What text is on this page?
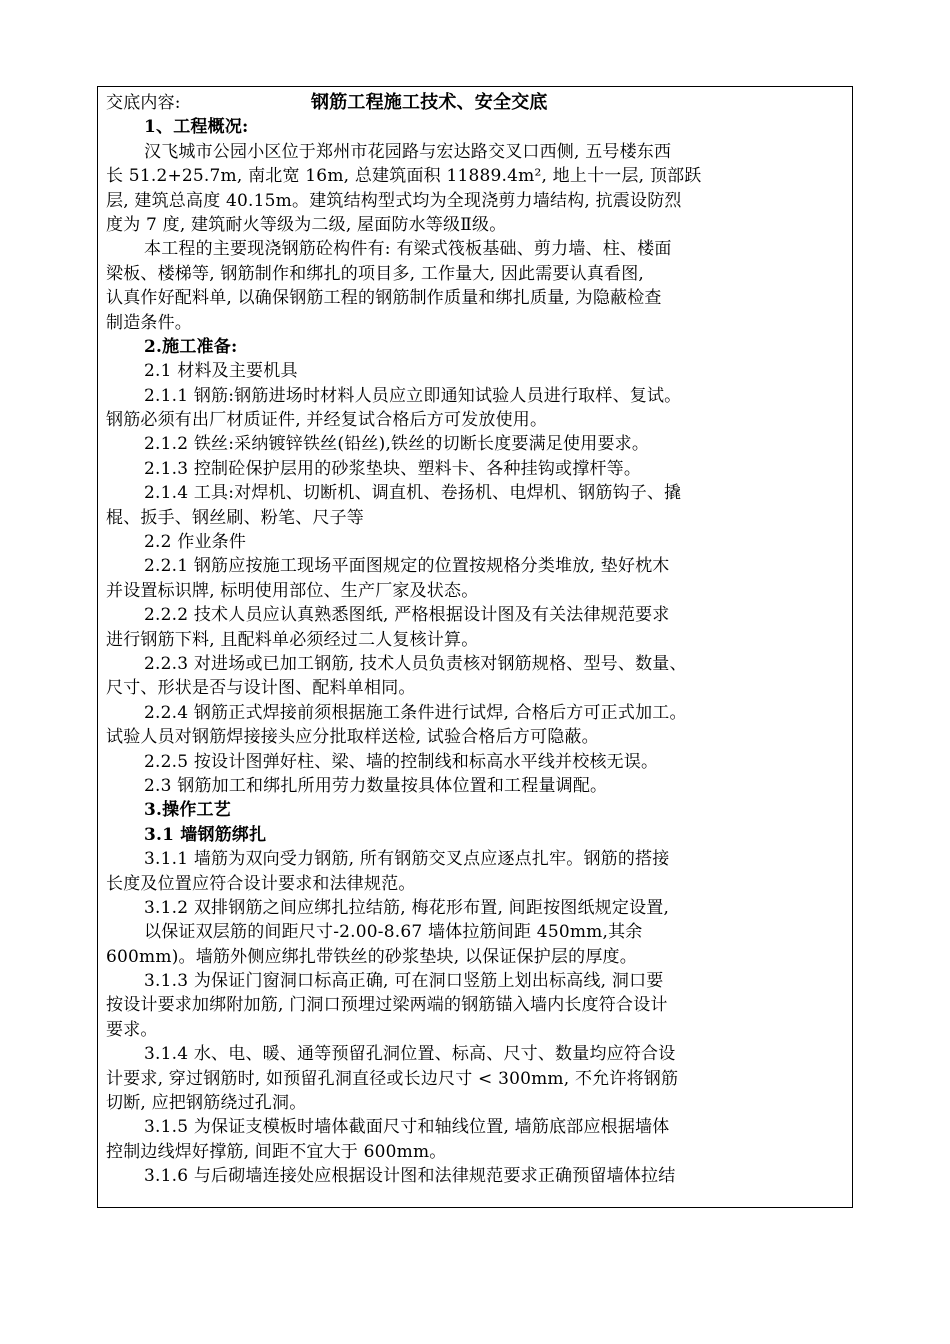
交底内容:	钢筋工程施工技术、安全交底
1、工程概况:
汉飞城市公园小区位于郑州市花园路与宏达路交叉口西侧, 五号楼东西
长 51.2+25.7m, 南北宽 16m, 总建筑面积 11889.4m², 地上十一层, 顶部跃
层, 建筑总高度 40.15m。建筑结构型式均为全现浇剪力墙结构, 抗震设防烈
度为 7 度, 建筑耐火等级为二级, 屋面防水等级Ⅱ级。
本工程的主要现浇钢筋砼构件有: 有梁式筏板基础、剪力墙、柱、楼面
梁板、楼梯等, 钢筋制作和绑扎的项目多, 工作量大, 因此需要认真看图,
认真作好配料单, 以确保钢筋工程的钢筋制作质量和绑扎质量, 为隐蔽检查
制造条件。
2.施工准备:
2.1 材料及主要机具
2.1.1 钢筋:钢筋进场时材料人员应立即通知试验人员进行取样、复试。
钢筋必须有出厂材质证件, 并经复试合格后方可发放使用。
2.1.2 铁丝:采纳镀锌铁丝(铅丝),铁丝的切断长度要满足使用要求。
2.1.3 控制砼保护层用的砂浆垫块、塑料卡、各种挂钩或撑杆等。
2.1.4 工具:对焊机、切断机、调直机、卷扬机、电焊机、钢筋钩子、撬
棍、扳手、钢丝刷、粉笔、尺子等
2.2 作业条件
2.2.1 钢筋应按施工现场平面图规定的位置按规格分类堆放, 垫好枕木
并设置标识牌, 标明使用部位、生产厂家及状态。
2.2.2 技术人员应认真熟悉图纸, 严格根据设计图及有关法律规范要求
进行钢筋下料, 且配料单必须经过二人复核计算。
2.2.3 对进场或已加工钢筋, 技术人员负责核对钢筋规格、型号、数量、
尺寸、形状是否与设计图、配料单相同。
2.2.4 钢筋正式焊接前须根据施工条件进行试焊, 合格后方可正式加工。
试验人员对钢筋焊接接头应分批取样送检, 试验合格后方可隐蔽。
2.2.5 按设计图弹好柱、梁、墙的控制线和标高水平线并校核无误。
2.3 钢筋加工和绑扎所用劳力数量按具体位置和工程量调配。
3.操作工艺
3.1 墙钢筋绑扎
3.1.1 墙筋为双向受力钢筋, 所有钢筋交叉点应逐点扎牢。钢筋的搭接
长度及位置应符合设计要求和法律规范。
3.1.2 双排钢筋之间应绑扎拉结筋, 梅花形布置, 间距按图纸规定设置,
以保证双层筋的间距尺寸-2.00-8.67 墙体拉筋间距 450mm,其余
600mm)。墙筋外侧应绑扎带铁丝的砂浆垫块, 以保证保护层的厚度。
3.1.3 为保证门窗洞口标高正确, 可在洞口竖筋上划出标高线, 洞口要
按设计要求加绑附加筋, 门洞口预埋过梁两端的钢筋锚入墙内长度符合设计
要求。
3.1.4 水、电、暖、通等预留孔洞位置、标高、尺寸、数量均应符合设
计要求, 穿过钢筋时, 如预留孔洞直径或长边尺寸 < 300mm, 不允许将钢筋
切断, 应把钢筋绕过孔洞。
3.1.5 为保证支模板时墙体截面尺寸和轴线位置, 墙筋底部应根据墙体
控制边线焊好撑筋, 间距不宜大于 600mm。
3.1.6 与后砌墙连接处应根据设计图和法律规范要求正确预留墙体拉结
